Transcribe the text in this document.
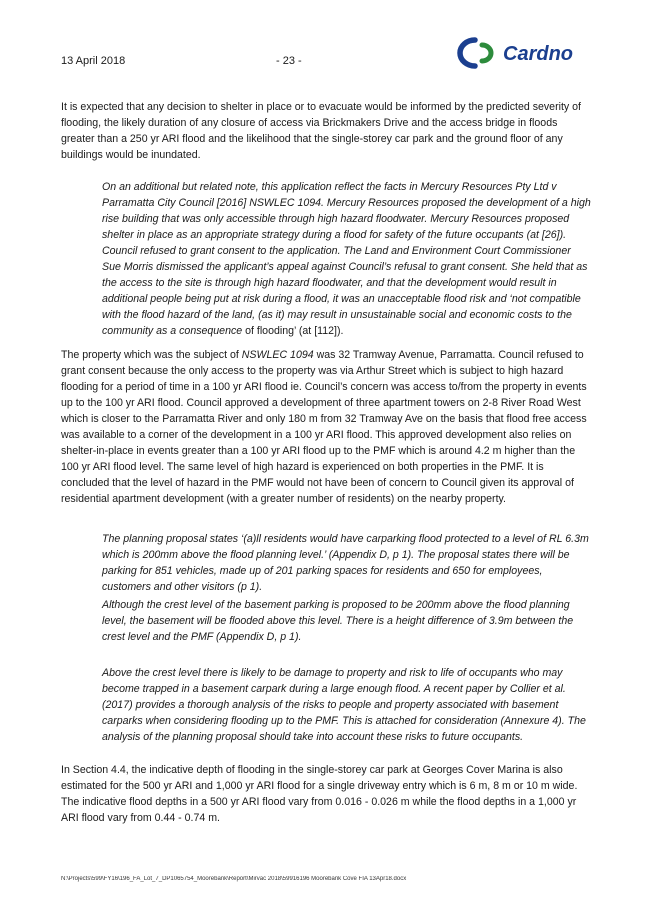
13 April 2018	- 23 -	Cardno

It is expected that any decision to shelter in place or to evacuate would be informed by the predicted severity of flooding, the likely duration of any closure of access via Brickmakers Drive and the access bridge in floods greater than a 250 yr ARI flood and the likelihood that the single-storey car park and the ground floor of any buildings would be inundated.

On an additional but related note, this application reflect the facts in Mercury Resources Pty Ltd v Parramatta City Council [2016] NSWLEC 1094. Mercury Resources proposed the development of a high rise building that was only accessible through high hazard floodwater. Mercury Resources proposed shelter in place as an appropriate strategy during a flood for safety of the future occupants (at [26]). Council refused to grant consent to the application. The Land and Environment Court Commissioner Sue Morris dismissed the applicant’s appeal against Council’s refusal to grant consent. She held that as the access to the site is through high hazard floodwater, and that the development would result in additional people being put at risk during a flood, it was an unacceptable flood risk and ‘not compatible with the flood hazard of the land, (as it) may result in unsustainable social and economic costs to the community as a consequence of flooding’ (at [112]).

The property which was the subject of NSWLEC 1094 was 32 Tramway Avenue, Parramatta. Council refused to grant consent because the only access to the property was via Arthur Street which is subject to high hazard flooding for a period of time in a 100 yr ARI flood ie. Council’s concern was access to/from the property in events up to the 100 yr ARI flood. Council approved a development of three apartment towers on 2-8 River Road West which is closer to the Parramatta River and only 180 m from 32 Tramway Ave on the basis that flood free access was available to a corner of the development in a 100 yr ARI flood. This approved development also relies on shelter-in-place in events greater than a 100 yr ARI flood up to the PMF which is around 4.2 m higher than the 100 yr ARI flood level. The same level of high hazard is experienced on both properties in the PMF. It is concluded that the level of hazard in the PMF would not have been of concern to Council given its approval of residential apartment development (with a greater number of residents) on the nearby property.

The planning proposal states ‘(a)ll residents would have carparking flood protected to a level of RL 6.3m which is 200mm above the flood planning level.’ (Appendix D, p 1). The proposal states there will be parking for 851 vehicles, made up of 201 parking spaces for residents and 650 for employees, customers and other visitors (p 1).

Although the crest level of the basement parking is proposed to be 200mm above the flood planning level, the basement will be flooded above this level. There is a height difference of 3.9m between the crest level and the PMF (Appendix D, p 1).

Above the crest level there is likely to be damage to property and risk to life of occupants who may become trapped in a basement carpark during a large enough flood. A recent paper by Collier et al. (2017) provides a thorough analysis of the risks to people and property associated with basement carparks when considering flooding up to the PMF. This is attached for consideration (Annexure 4). The analysis of the planning proposal should take into account these risks to future occupants.

In Section 4.4, the indicative depth of flooding in the single-storey car park at Georges Cover Marina is also estimated for the 500 yr ARI and 1,000 yr ARI flood for a single driveway entry which is 6 m, 8 m or 10 m wide. The indicative flood depths in a 500 yr ARI flood vary from 0.016 - 0.026 m while the flood depths in a 1,000 yr ARI flood vary from 0.44 - 0.74 m.

N:\Projects\599\FY16\196_FA_Lot_7_DP1065754_Moorebank\Report\Mirvac 2018\59916196 Moorebank Cove FIA 13Apr18.docx
